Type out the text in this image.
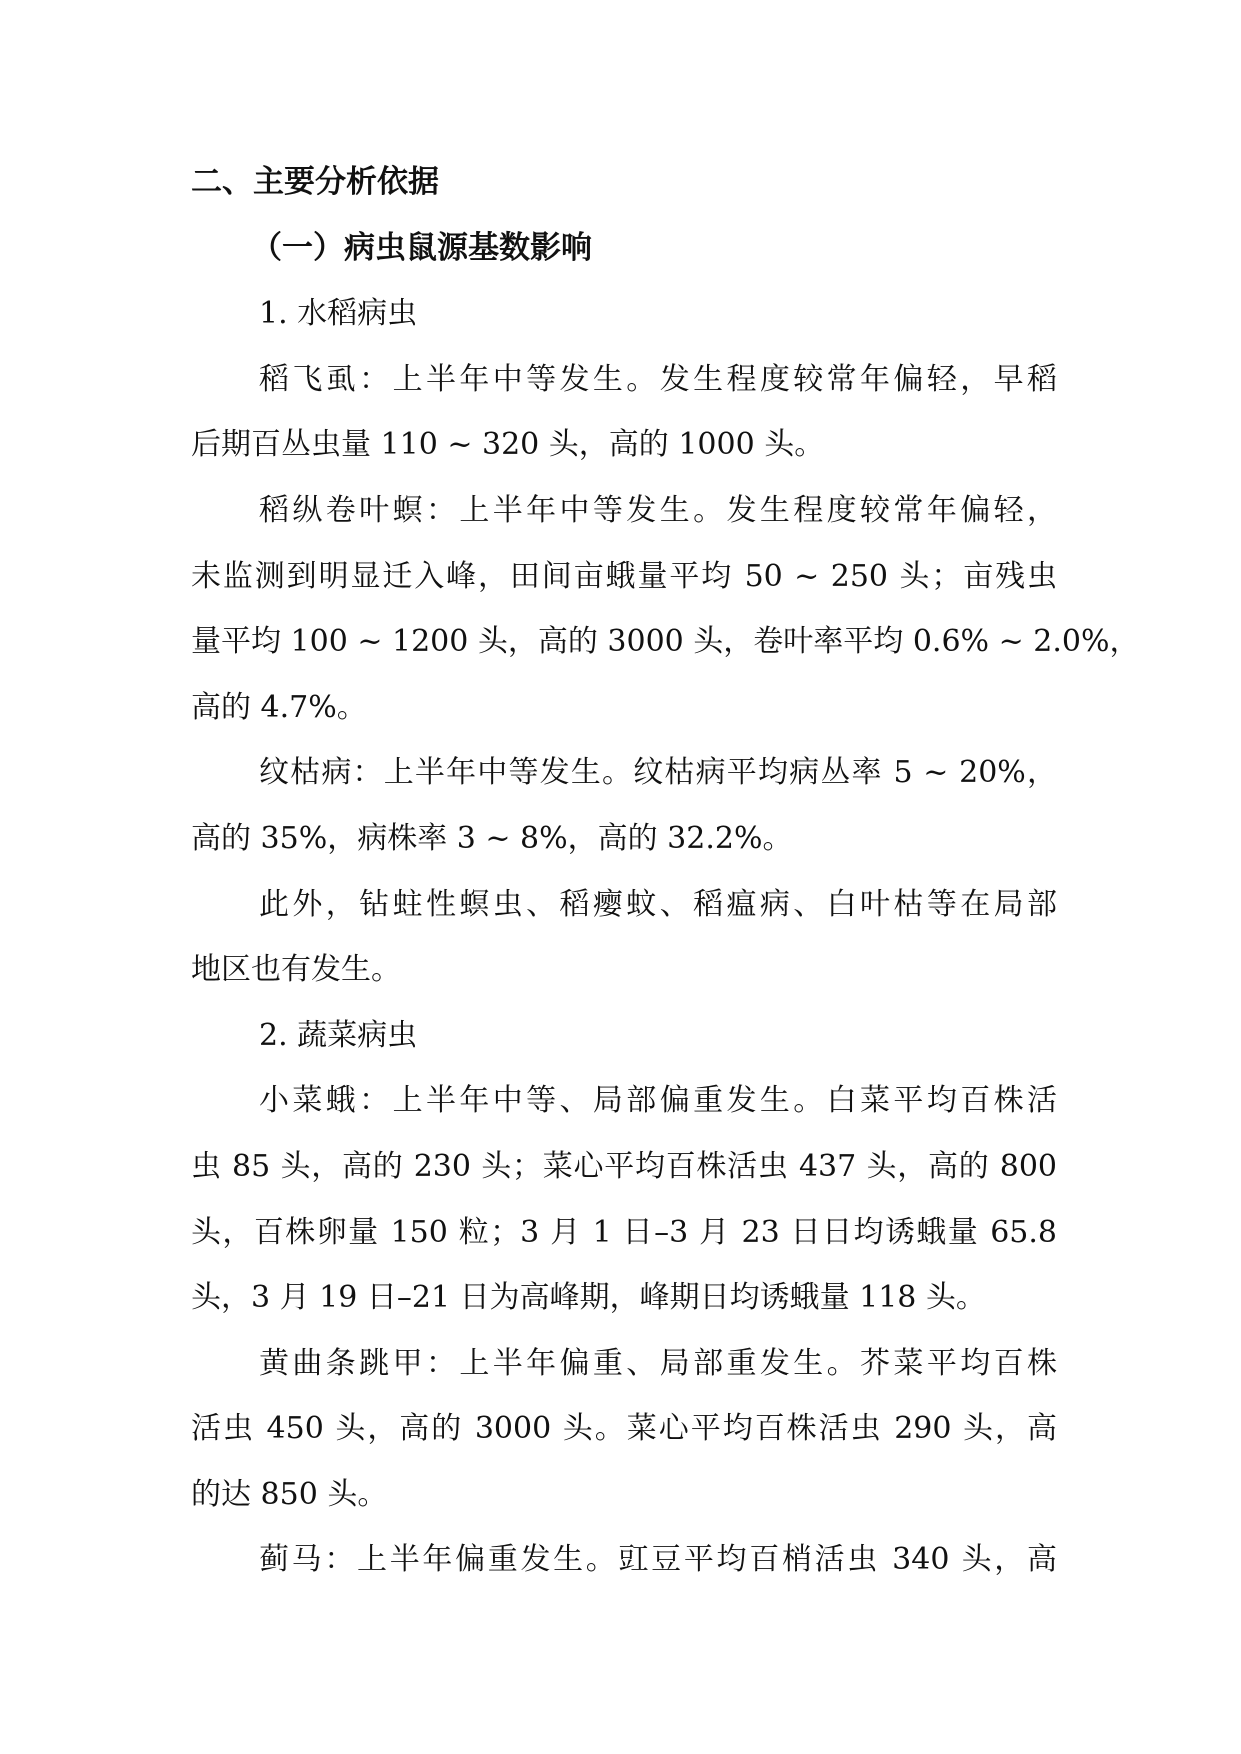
二、主要分析依据
（一）病虫鼠源基数影响
1. 水稻病虫
稻飞虱：上半年中等发生。发生程度较常年偏轻，早稻
后期百丛虫量 110 ~ 320 头，高的 1000 头。
稻纵卷叶螟：上半年中等发生。发生程度较常年偏轻，
未监测到明显迁入峰，田间亩蛾量平均 50 ~ 250 头；亩残虫
量平均 100 ~ 1200 头，高的 3000 头，卷叶率平均 0.6% ~ 2.0%，
高的 4.7%。
纹枯病：上半年中等发生。纹枯病平均病丛率 5 ~ 20%，
高的 35%，病株率 3 ~ 8%，高的 32.2%。
此外，钻蛀性螟虫、稻瘿蚊、稻瘟病、白叶枯等在局部
地区也有发生。
2. 蔬菜病虫
小菜蛾：上半年中等、局部偏重发生。白菜平均百株活
虫 85 头，高的 230 头；菜心平均百株活虫 437 头，高的 800
头，百株卵量 150 粒；3 月 1 日–3 月 23 日日均诱蛾量 65.8
头，3 月 19 日–21 日为高峰期，峰期日均诱蛾量 118 头。
黄曲条跳甲：上半年偏重、局部重发生。芥菜平均百株
活虫 450 头，高的 3000 头。菜心平均百株活虫 290 头，高
的达 850 头。
蓟马：上半年偏重发生。豇豆平均百梢活虫 340 头，高
